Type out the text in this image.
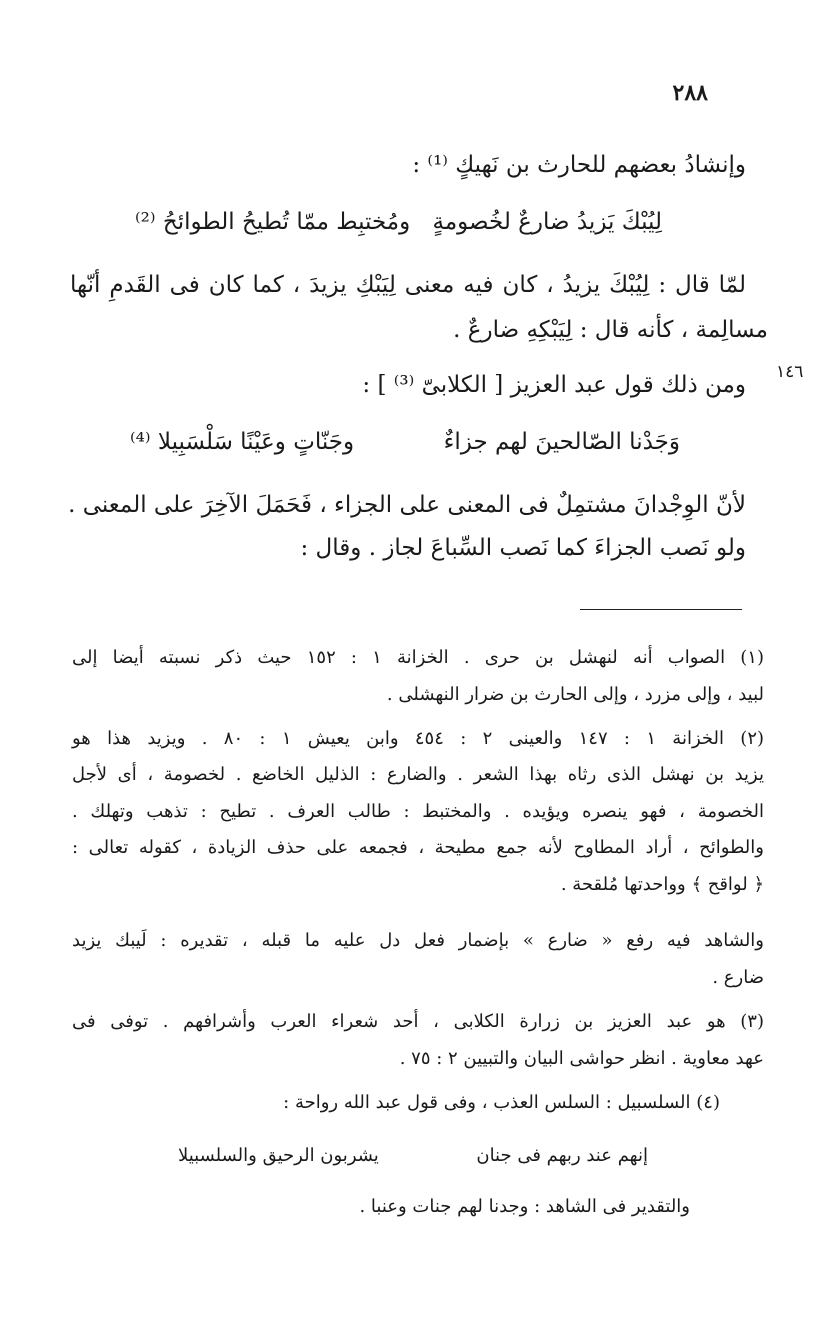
٢٨٨
١٤٦
وإنشادُ بعضهم للحارث بن نَهيكٍ ⁽¹⁾ :
لِيُبْكَ يَزيدُ ضارعٌ لخُصومةٍ
ومُختبِط ممّا تُطيحُ الطوائحُ ⁽²⁾
لمّا قال : لِيُبْكَ يزيدُ ، كان فيه معنى لِيَبْكِ يزيدَ ، كما كان فى القَدمِ أنّها
مسالِمة ، كأنه قال : لِيَبْكِهِ ضارعٌ .
ومن ذلك قول عبد العزيز [ الكلابىّ ⁽³⁾ ] :
وَجَدْنا الصّالحينَ لهم جزاءٌ
وجَنّاتٍ وعَيْنًا سَلْسَبِيلا ⁽⁴⁾
لأنّ الوِجْدانَ مشتمِلٌ فى المعنى على الجزاء ، فَحَمَلَ الآخِرَ على المعنى .
ولو نَصب الجزاءَ كما نَصب السِّباعَ لجاز . وقال :
(١) الصواب أنه لنهشل بن حرى . الخزانة ١ : ١٥٢ حيث ذكر نسبته أيضا إلى
لبيد ، وإلى مزرد ، وإلى الحارث بن ضرار النهشلى .
(٢) الخزانة ١ : ١٤٧ والعينى ٢ : ٤٥٤ وابن يعيش ١ : ٨٠ . ويزيد هذا هو
يزيد بن نهشل الذى رثاه بهذا الشعر . والضارع : الذليل الخاضع . لخصومة ، أى لأجل
الخصومة ، فهو ينصره ويؤيده . والمختبط : طالب العرف . تطيح : تذهب وتهلك .
والطوائح ، أراد المطاوح لأنه جمع مطيحة ، فجمعه على حذف الزيادة ، كقوله تعالى :
﴿ لواقح ﴾ وواحدتها مُلقحة .
والشاهد فيه رفع « ضارع » بإضمار فعل دل عليه ما قبله ، تقديره : لَيبك يزيد
ضارع .
(٣) هو عبد العزيز بن زرارة الكلابى ، أحد شعراء العرب وأشرافهم . توفى فى
عهد معاوية . انظر حواشى البيان والتبيين ٢ : ٧٥ .
(٤) السلسبيل : السلس العذب ، وفى قول عبد الله رواحة :
إنهم عند ربهم فى جنان
يشربون الرحيق والسلسبيلا
والتقدير فى الشاهد : وجدنا لهم جنات وعنبا .
